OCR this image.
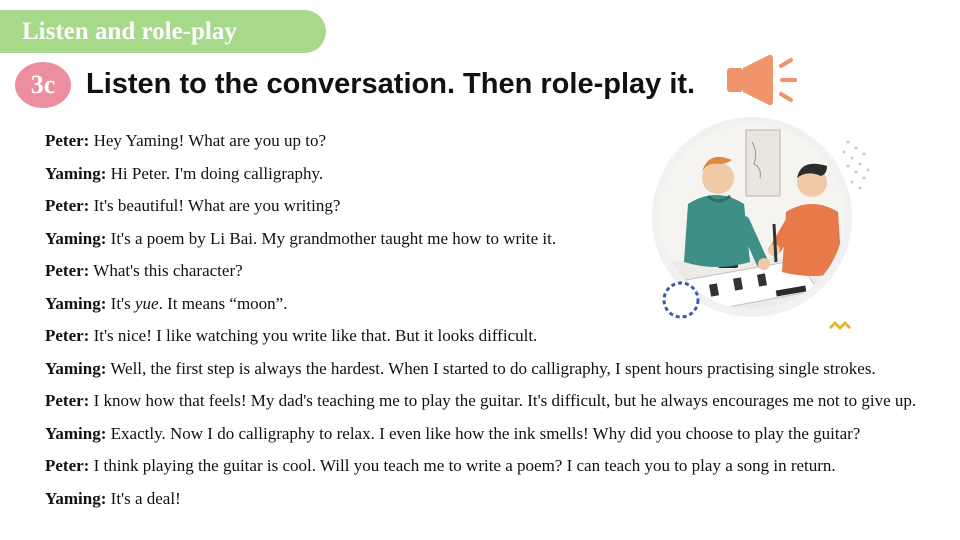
Listen and role-play
3c	Listen to the conversation. Then role-play it.
Peter: Hey Yaming! What are you up to?
Yaming: Hi Peter. I'm doing calligraphy.
Peter: It's beautiful! What are you writing?
Yaming: It's a poem by Li Bai. My grandmother taught me how to write it.
Peter: What's this character?
Yaming: It's yue. It means “moon”.
Peter: It's nice! I like watching you write like that. But it looks difficult.
Yaming: Well, the first step is always the hardest. When I started to do calligraphy, I spent hours practising single strokes.
Peter: I know how that feels! My dad's teaching me to play the guitar. It's difficult, but he always encourages me not to give up.
Yaming: Exactly. Now I do calligraphy to relax. I even like how the ink smells! Why did you choose to play the guitar?
Peter: I think playing the guitar is cool. Will you teach me to write a poem? I can teach you to play a song in return.
Yaming: It's a deal!
